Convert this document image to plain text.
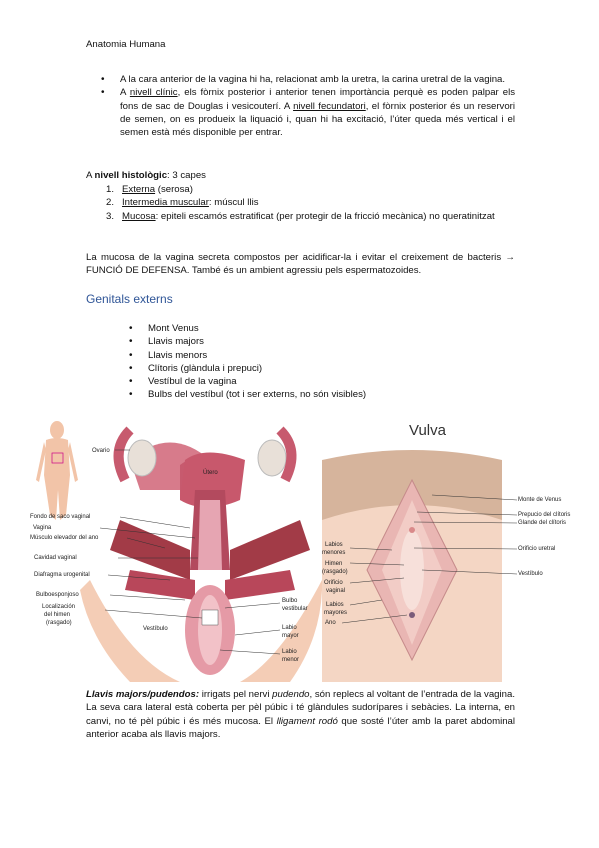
Anatomia Humana
• A la cara anterior de la vagina hi ha, relacionat amb la uretra, la carina uretral de la vagina.
• A nivell clínic, els fòrnix posterior i anterior tenen importància perquè es poden palpar els fons de sac de Douglas i vesicouterí. A nivell fecundatori, el fòrnix posterior és un reservori de semen, on es produeix la liquació i, quan hi ha excitació, l’úter queda més vertical i el semen està més disponible per entrar.
A nivell histològic: 3 capes
1. Externa (serosa)
2. Intermedia muscular: múscul llis
3. Mucosa: epiteli escamós estratificat (per protegir de la fricció mecànica) no queratinitzat
La mucosa de la vagina secreta compostos per acidificar-la i evitar el creixement de bacteris → FUNCIÓ DE DEFENSA. També és un ambient agressiu pels espermatozoides.
Genitals externs
• Mont Venus
• Llavis majors
• Llavis menors
• Clítoris (glàndula i prepuci)
• Vestíbul de la vagina
• Bulbs del vestíbul (tot i ser externs, no són visibles)
Ovario
Útero
Fondo de saco vaginal
Vagina
Músculo elevador del ano
Cavidad vaginal
Diafragma urogenital
Bulboesponjoso
Localización
del himen
(rasgado)
Vestíbulo
Bulbo
vestibular
Labio
mayor
Labio
menor
Vulva
Monte de Venus
Prepucio del clítoris
Glande del clítoris
Orificio uretral
Vestíbulo
Labios
menores
Himen
(rasgado)
Orificio
vaginal
Labios
mayores
Ano
Llavis majors/pudendos: irrigats pel nervi pudendo, són replecs al voltant de l’entrada de la vagina. La seva cara lateral està coberta per pèl púbic i té glàndules sudorípares i sebàcies. La interna, en canvi, no té pèl púbic i és més mucosa. El lligament rodó que sosté l’úter amb la paret abdominal anterior acaba als llavis majors.
